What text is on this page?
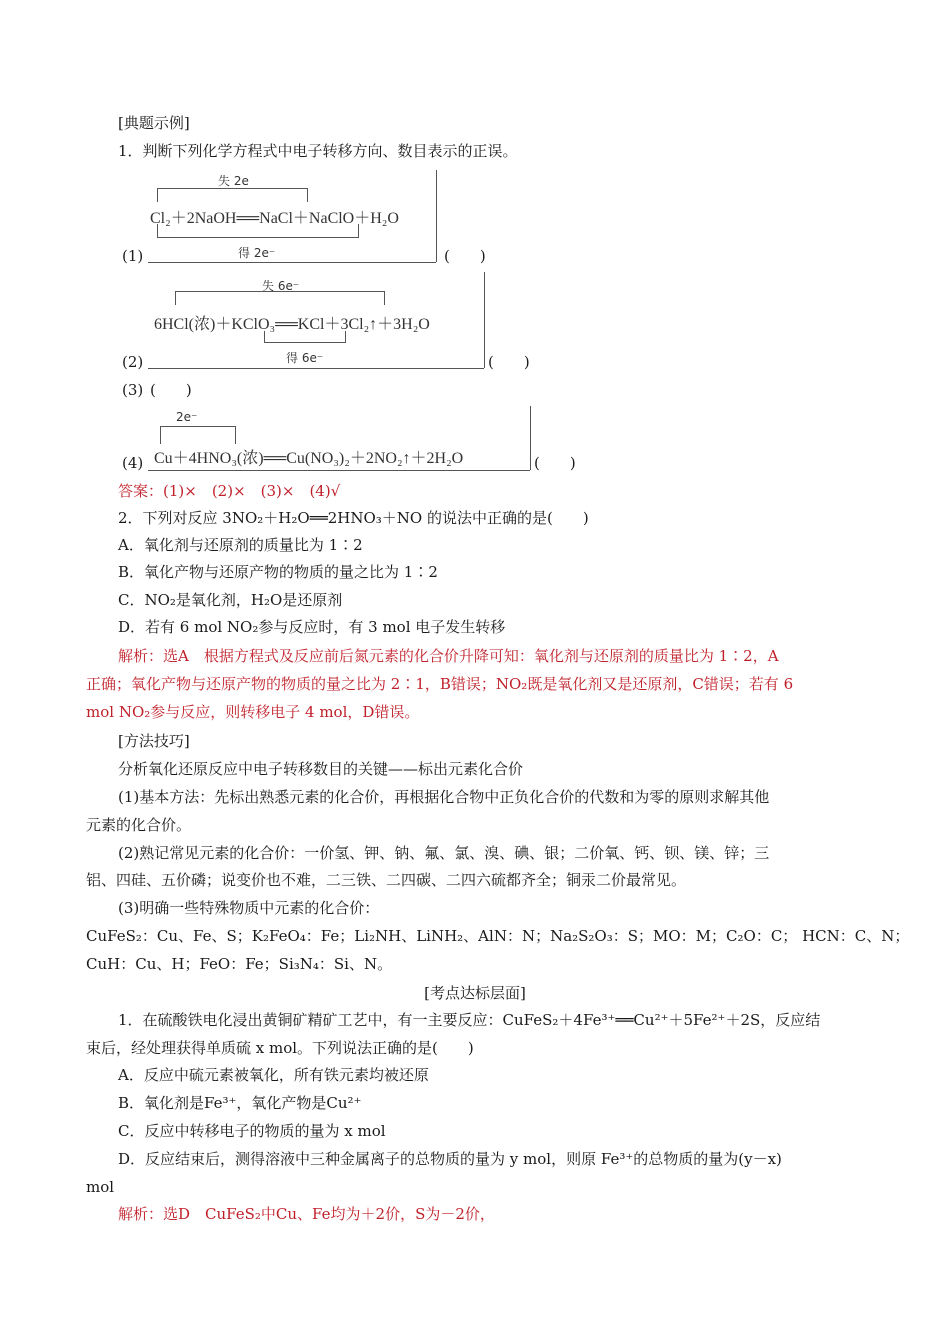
[典题示例]
1．判断下列化学方程式中电子转移方向、数目表示的正误。
失 2e
Cl₂＋2NaOH══NaCl＋NaClO＋H₂O
得 2e⁻
(1)	(　　)
失 6e⁻
6HCl(浓)＋KClO₃══KCl＋3Cl₂↑＋3H₂O
得 6e⁻
(2)	(　　)
(3) (　　)
2e⁻
Cu＋4HNO₃(浓)══Cu(NO₃)₂＋2NO₂↑＋2H₂O
(4)	(　　)
答案：(1)×　(2)×　(3)×　(4)√
2．下列对反应 3NO₂＋H₂O══2HNO₃＋NO 的说法中正确的是(　　)
A．氧化剂与还原剂的质量比为 1∶2
B．氧化产物与还原产物的物质的量之比为 1∶2
C．NO₂是氧化剂，H₂O是还原剂
D．若有 6 mol NO₂参与反应时，有 3 mol 电子发生转移
解析：选A　根据方程式及反应前后氮元素的化合价升降可知：氧化剂与还原剂的质量比为 1∶2，A
正确；氧化产物与还原产物的物质的量之比为 2∶1，B错误；NO₂既是氧化剂又是还原剂，C错误；若有 6
mol NO₂参与反应，则转移电子 4 mol，D错误。
[方法技巧]
分析氧化还原反应中电子转移数目的关键——标出元素化合价
(1)基本方法：先标出熟悉元素的化合价，再根据化合物中正负化合价的代数和为零的原则求解其他
元素的化合价。
(2)熟记常见元素的化合价：一价氢、钾、钠、氟、氯、溴、碘、银；二价氧、钙、钡、镁、锌；三
铝、四硅、五价磷；说变价也不难，二三铁、二四碳、二四六硫都齐全；铜汞二价最常见。
(3)明确一些特殊物质中元素的化合价：
CuFeS₂：Cu、Fe、S；K₂FeO₄：Fe；Li₂NH、LiNH₂、AlN：N；Na₂S₂O₃：S；MO：M；C₂O：C； HCN：C、N；
CuH：Cu、H；FeO：Fe；Si₃N₄：Si、N。
[考点达标层面]
1．在硫酸铁电化浸出黄铜矿精矿工艺中，有一主要反应：CuFeS₂＋4Fe³⁺══Cu²⁺＋5Fe²⁺＋2S，反应结
束后，经处理获得单质硫 x mol。下列说法正确的是(　　)
A．反应中硫元素被氧化，所有铁元素均被还原
B．氧化剂是Fe³⁺，氧化产物是Cu²⁺
C．反应中转移电子的物质的量为 x mol
D．反应结束后，测得溶液中三种金属离子的总物质的量为 y mol，则原 Fe³⁺的总物质的量为(y－x)
mol
解析：选D　CuFeS₂中Cu、Fe均为＋2价，S为－2价，
